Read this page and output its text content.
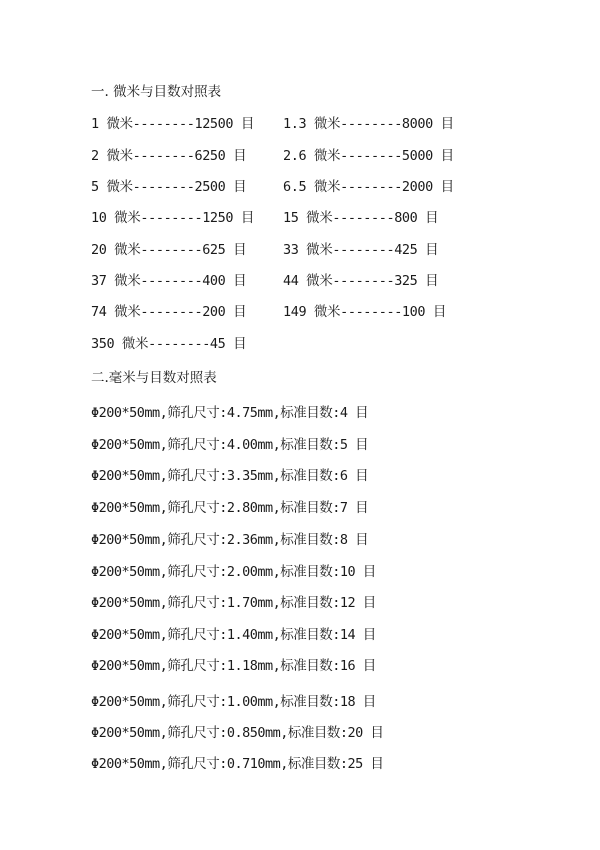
一. 微米与目数对照表
1 微米--------12500 目
2 微米--------6250 目
5 微米--------2500 目
10 微米--------1250 目
20 微米--------625 目
37 微米--------400 目
74 微米--------200 目
350 微米--------45 目
1.3 微米--------8000 目
2.6 微米--------5000 目
6.5 微米--------2000 目
15 微米--------800 目
33 微米--------425 目
44 微米--------325 目
149 微米--------100 目
二.毫米与目数对照表
Φ200*50mm,筛孔尺寸:4.75mm,标准目数:4 目
Φ200*50mm,筛孔尺寸:4.00mm,标准目数:5 目
Φ200*50mm,筛孔尺寸:3.35mm,标准目数:6 目
Φ200*50mm,筛孔尺寸:2.80mm,标准目数:7 目
Φ200*50mm,筛孔尺寸:2.36mm,标准目数:8 目
Φ200*50mm,筛孔尺寸:2.00mm,标准目数:10 目
Φ200*50mm,筛孔尺寸:1.70mm,标准目数:12 目
Φ200*50mm,筛孔尺寸:1.40mm,标准目数:14 目
Φ200*50mm,筛孔尺寸:1.18mm,标准目数:16 目
Φ200*50mm,筛孔尺寸:1.00mm,标准目数:18 目
Φ200*50mm,筛孔尺寸:0.850mm,标准目数:20 目
Φ200*50mm,筛孔尺寸:0.710mm,标准目数:25 目
